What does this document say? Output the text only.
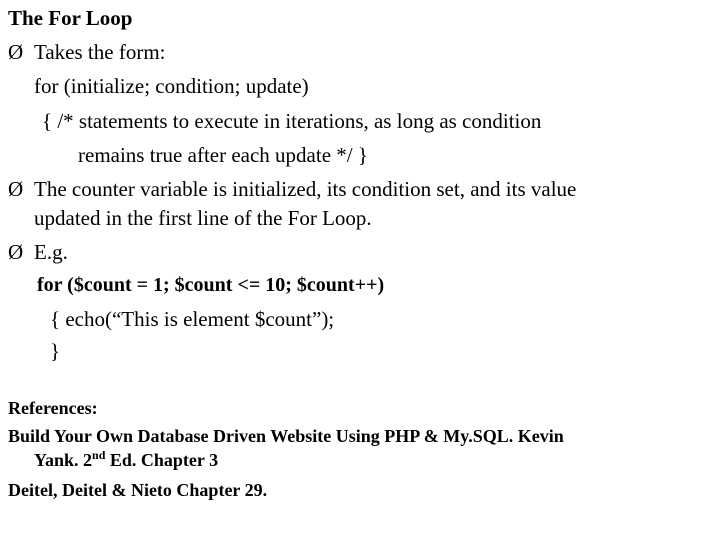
The For Loop
Ø Takes the form:
for (initialize; condition; update)
{ /* statements to execute in iterations, as long as condition
remains true after each update */ }
Ø The counter variable is initialized, its condition set, and its value
updated in the first line of the For Loop.
Ø E.g.
for ($count = 1; $count <= 10; $count++)
{ echo(“This is element $count”);
}
References:
Build Your Own Database Driven Website Using PHP & My.SQL. Kevin
Yank. 2nd Ed. Chapter 3
Deitel, Deitel & Nieto Chapter 29.
